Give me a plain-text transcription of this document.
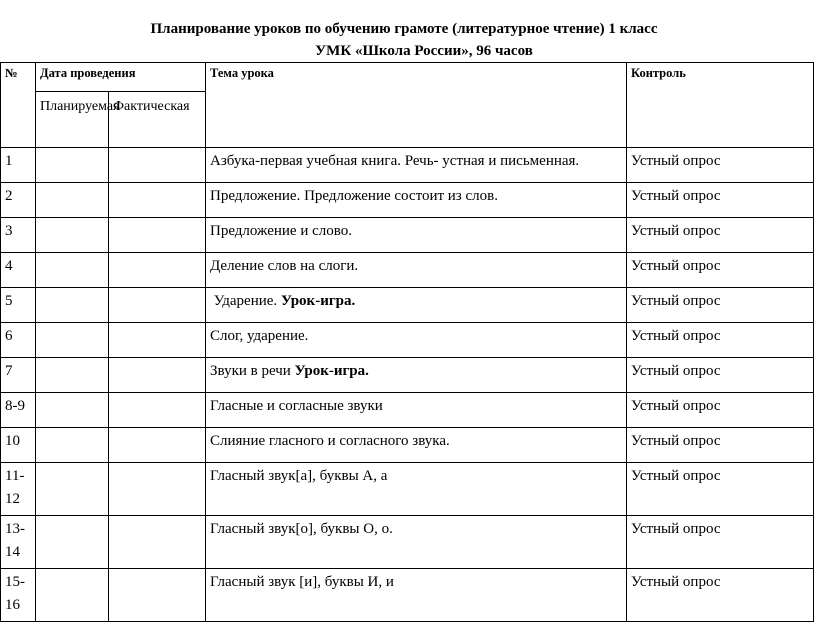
Планирование уроков по обучению грамоте (литературное чтение) 1 класс
УМК «Школа России», 96 часов
№	Дата проведения		Тема урока	Контроль
	Планируемая	Фактическая		
1			Азбука-первая учебная книга. Речь- устная и письменная.	Устный опрос
2			Предложение. Предложение состоит из слов.	Устный опрос
3			Предложение и слово.	Устный опрос
4			Деление слов на слоги.	Устный опрос
5			Ударение. Урок-игра.	Устный опрос
6			Слог, ударение.	Устный опрос
7			Звуки в речи Урок-игра.	Устный опрос
8-9			Гласные и согласные звуки	Устный опрос
10			Слияние гласного и согласного звука.	Устный опрос
11-12			Гласный звук[а], буквы А, а	Устный опрос
13-14			Гласный звук[о], буквы О, о.	Устный опрос
15-16			Гласный звук [и], буквы И, и	Устный опрос
